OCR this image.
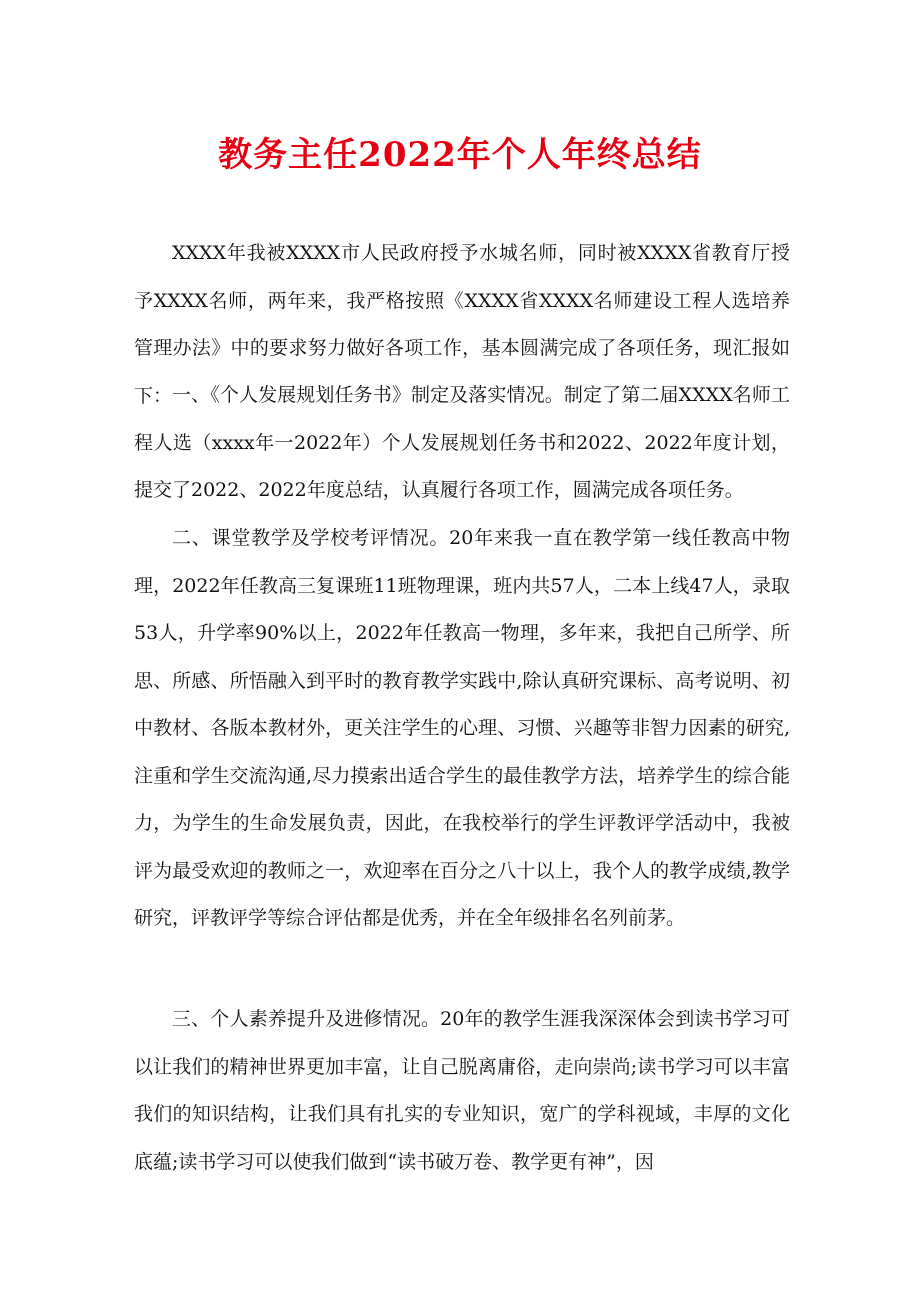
教务主任2022年个人年终总结

XXXX年我被XXXX市人民政府授予水城名师，同时被XXXX省教育厅授予XXXX名师，两年来，我严格按照《XXXX省XXXX名师建设工程人选培养管理办法》中的要求努力做好各项工作，基本圆满完成了各项任务，现汇报如下： 一、《个人发展规划任务书》制定及落实情况。制定了第二届XXXX名师工程人选（xxxx年一2022年）个人发展规划任务书和2022、2022年度计划，提交了2022、2022年度总结，认真履行各项工作，圆满完成各项任务。

二、课堂教学及学校考评情况。20年来我一直在教学第一线任教高中物理，2022年任教高三复课班11班物理课，班内共57人，二本上线47人，录取53人，升学率90%以上，2022年任教高一物理，多年来，我把自己所学、所思、所感、所悟融入到平时的教育教学实践中,除认真研究课标、高考说明、初中教材、各版本教材外，更关注学生的心理、习惯、兴趣等非智力因素的研究,注重和学生交流沟通,尽力摸索出适合学生的最佳教学方法，培养学生的综合能力，为学生的生命发展负责，因此，在我校举行的学生评教评学活动中，我被评为最受欢迎的教师之一，欢迎率在百分之八十以上，我个人的教学成绩,教学研究，评教评学等综合评估都是优秀，并在全年级排名名列前茅。

三、个人素养提升及进修情况。20年的教学生涯我深深体会到读书学习可以让我们的精神世界更加丰富，让自己脱离庸俗，走向崇尚;读书学习可以丰富我们的知识结构，让我们具有扎实的专业知识，宽广的学科视域，丰厚的文化底蕴;读书学习可以使我们做到“读书破万卷、教学更有神”，因
